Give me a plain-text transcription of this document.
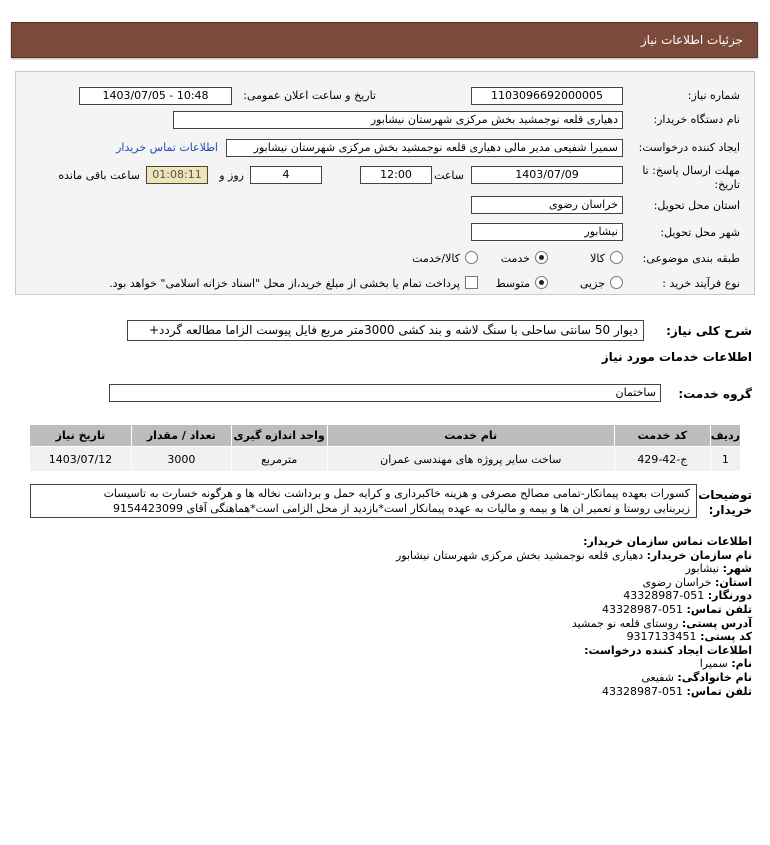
جزئیات اطلاعات نیاز
شماره نیاز:
1103096692000005
تاریخ و ساعت اعلان عمومی:
1403/07/05 - 10:48
نام دستگاه خریدار:
دهیاری قلعه نوجمشید بخش مرکزی شهرستان نیشابور
ایجاد کننده درخواست:
سمیرا شفیعی مدیر مالی دهیاری قلعه نوجمشید بخش مرکزی شهرستان نیشابور
اطلاعات تماس خریدار
مهلت ارسال پاسخ: تا
تاریخ:
1403/07/09
ساعت
12:00
4
روز و
01:08:11
ساعت باقی مانده
استان محل تحویل:
خراسان رضوی
شهر محل تحویل:
نیشابور
طبقه بندی موضوعی:
کالا
خدمت
کالا/خدمت
نوع فرآیند خرید :
جزیی
متوسط
پرداخت تمام یا بخشی از مبلغ خرید،از محل "اسناد خزانه اسلامی" خواهد بود.
شرح کلی نیاز:
دیوار 50 سانتی ساحلی با سنگ لاشه و بند کشی 3000متر مربع فایل پیوست الزاما مطالعه گردد+
اطلاعات خدمات مورد نیاز
گروه خدمت:
ساختمان
ردیف	کد خدمت	نام خدمت	واحد اندازه گیری	تعداد / مقدار	تاریخ نیاز
1	ج-42-429	ساخت سایر پروژه های مهندسی عمران	مترمربع	3000	1403/07/12
توضیحات
خریدار:
کسورات بعهده پیمانکار-تمامی مصالح مصرفی و هزینه خاکبرداری و کرایه حمل و برداشت نخاله ها و هرگونه خسارت به تاسیسات
زیربنایی روستا و تعمیر ان ها و بیمه و مالیات به عهده پیمانکار است*بازدید از محل الزامی است*هماهنگی آقای 9154423099
اطلاعات تماس سازمان خریدار:
نام سازمان خریدار: دهیاری قلعه نوجمشید بخش مرکزی شهرستان نیشابور
شهر: نیشابور
استان: خراسان رضوی
دورنگار: 051-43328987
تلفن تماس: 051-43328987
آدرس پستی: روستای قلعه نو جمشید
کد پستی: 9317133451
اطلاعات ایجاد کننده درخواست:
نام: سمیرا
نام خانوادگی: شفیعی
تلفن تماس: 051-43328987
